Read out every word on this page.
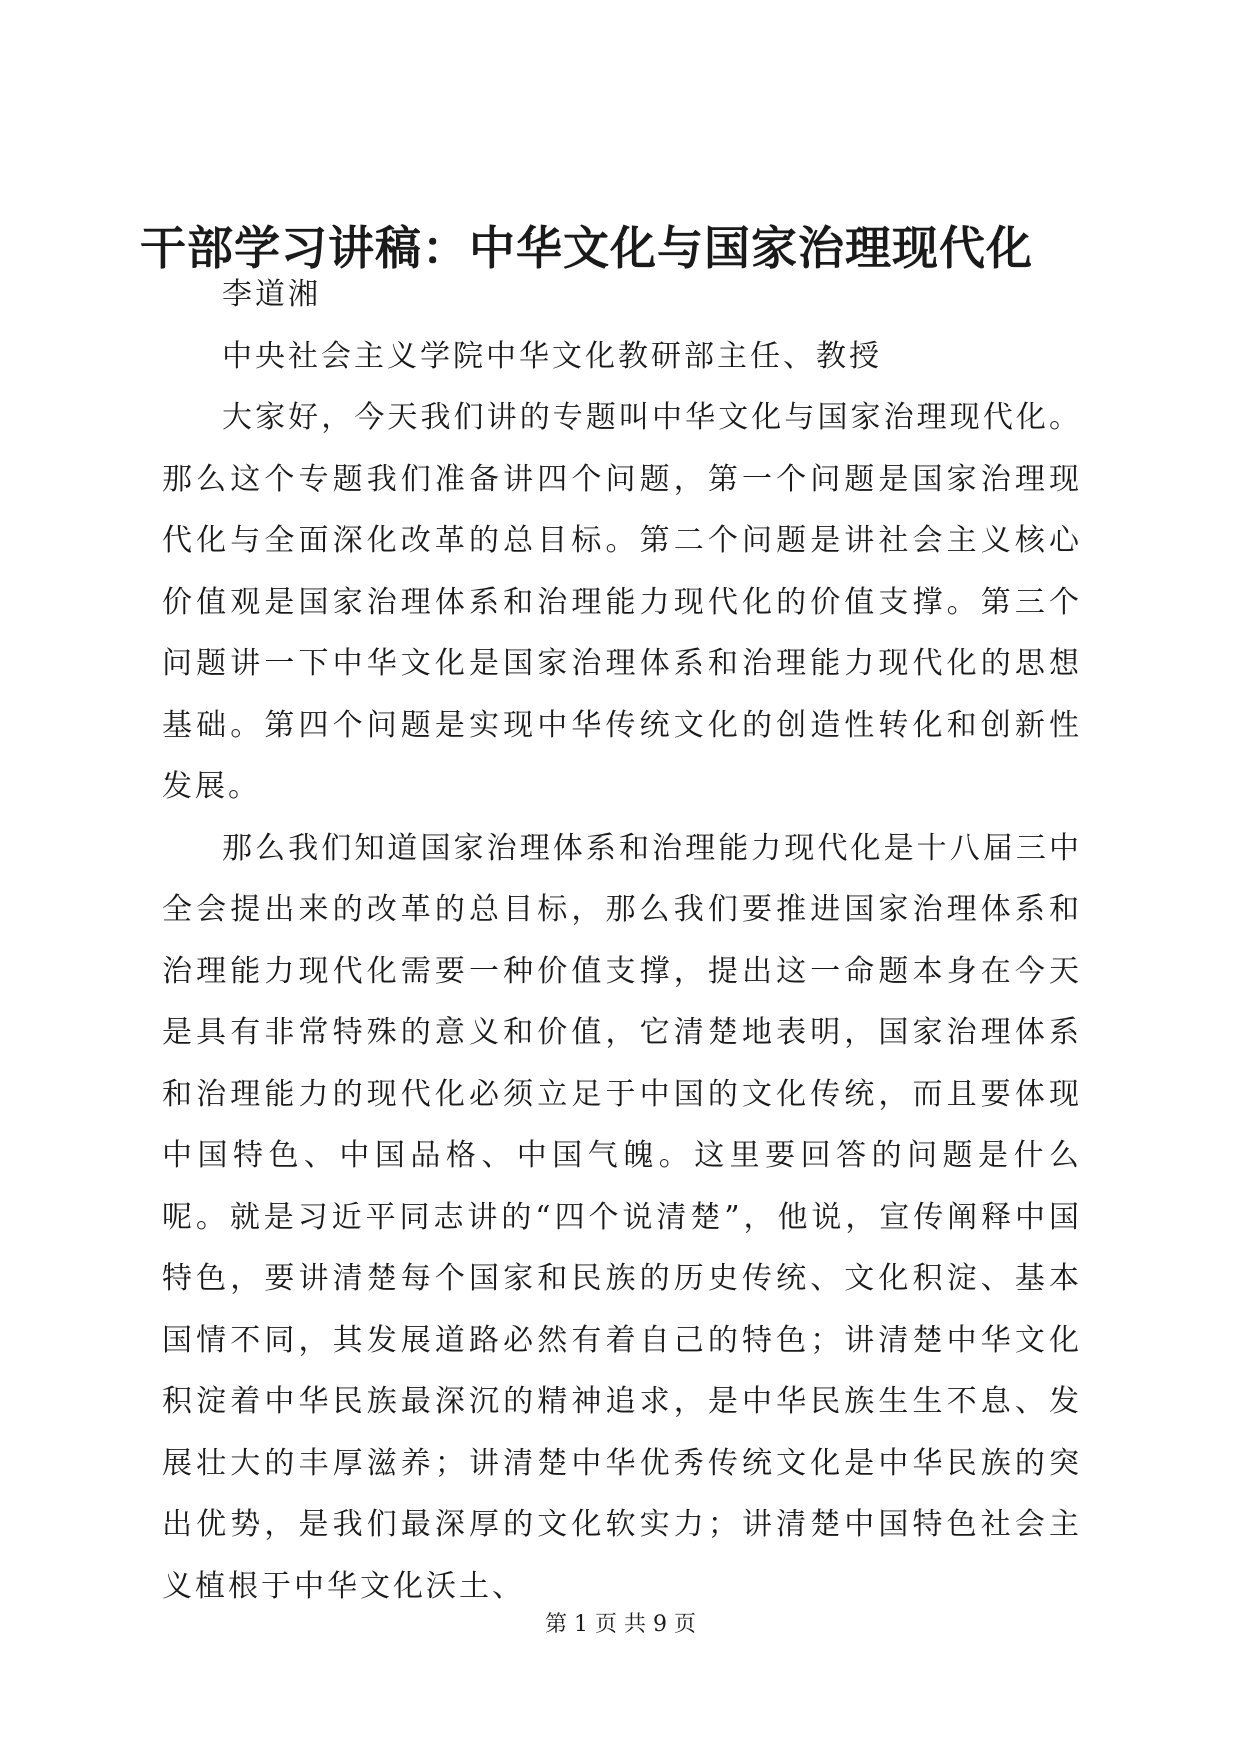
干部学习讲稿：中华文化与国家治理现代化

李道湘

中央社会主义学院中华文化教研部主任、教授

大家好，今天我们讲的专题叫中华文化与国家治理现代化。那么这个专题我们准备讲四个问题，第一个问题是国家治理现代化与全面深化改革的总目标。第二个问题是讲社会主义核心价值观是国家治理体系和治理能力现代化的价值支撑。第三个问题讲一下中华文化是国家治理体系和治理能力现代化的思想基础。第四个问题是实现中华传统文化的创造性转化和创新性发展。

那么我们知道国家治理体系和治理能力现代化是十八届三中全会提出来的改革的总目标，那么我们要推进国家治理体系和治理能力现代化需要一种价值支撑，提出这一命题本身在今天是具有非常特殊的意义和价值，它清楚地表明，国家治理体系和治理能力的现代化必须立足于中国的文化传统，而且要体现中国特色、中国品格、中国气魄。这里要回答的问题是什么呢。就是习近平同志讲的“四个说清楚”，他说，宣传阐释中国特色，要讲清楚每个国家和民族的历史传统、文化积淀、基本国情不同，其发展道路必然有着自己的特色；讲清楚中华文化积淀着中华民族最深沉的精神追求，是中华民族生生不息、发展壮大的丰厚滋养；讲清楚中华优秀传统文化是中华民族的突出优势，是我们最深厚的文化软实力；讲清楚中国特色社会主义植根于中华文化沃土、

第 1 页 共 9 页
